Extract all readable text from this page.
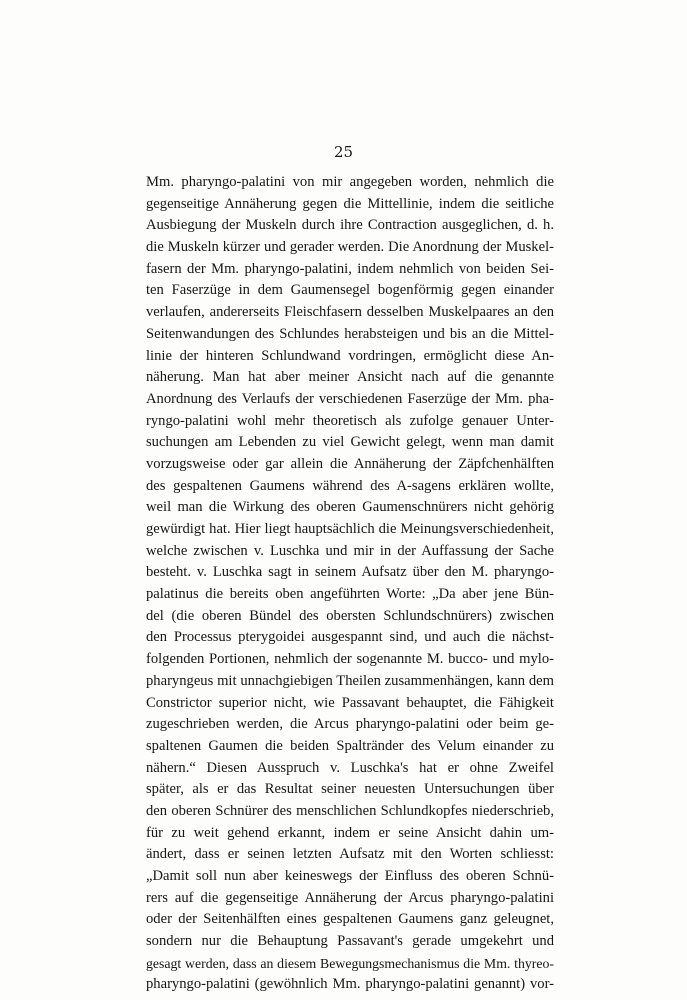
25
Mm. pharyngo-palatini von mir angegeben worden, nehmlich die
gegenseitige Annäherung gegen die Mittellinie, indem die seitliche
Ausbiegung der Muskeln durch ihre Contraction ausgeglichen, d. h.
die Muskeln kürzer und gerader werden. Die Anordnung der Muskel-
fasern der Mm. pharyngo-palatini, indem nehmlich von beiden Sei-
ten Faserzüge in dem Gaumensegel bogenförmig gegen einander
verlaufen, andererseits Fleischfasern desselben Muskelpaares an den
Seitenwandungen des Schlundes herabsteigen und bis an die Mittel-
linie der hinteren Schlundwand vordringen, ermöglicht diese An-
näherung. Man hat aber meiner Ansicht nach auf die genannte
Anordnung des Verlaufs der verschiedenen Faserzüge der Mm. pha-
ryngo-palatini wohl mehr theoretisch als zufolge genauer Unter-
suchungen am Lebenden zu viel Gewicht gelegt, wenn man damit
vorzugsweise oder gar allein die Annäherung der Zäpfchenhälften
des gespaltenen Gaumens während des A-sagens erklären wollte,
weil man die Wirkung des oberen Gaumenschnürers nicht gehörig
gewürdigt hat. Hier liegt hauptsächlich die Meinungsverschiedenheit,
welche zwischen v. Luschka und mir in der Auffassung der Sache
besteht. v. Luschka sagt in seinem Aufsatz über den M. pharyngo-
palatinus die bereits oben angeführten Worte: „Da aber jene Bün-
del (die oberen Bündel des obersten Schlundschnürers) zwischen
den Processus pterygoidei ausgespannt sind, und auch die nächst-
folgenden Portionen, nehmlich der sogenannte M. bucco- und mylo-
pharyngeus mit unnachgiebigen Theilen zusammenhängen, kann dem
Constrictor superior nicht, wie Passavant behauptet, die Fähigkeit
zugeschrieben werden, die Arcus pharyngo-palatini oder beim ge-
spaltenen Gaumen die beiden Spaltränder des Velum einander zu
nähern.“ Diesen Ausspruch v. Luschka's hat er ohne Zweifel
später, als er das Resultat seiner neuesten Untersuchungen über
den oberen Schnürer des menschlichen Schlundkopfes niederschrieb,
für zu weit gehend erkannt, indem er seine Ansicht dahin um-
ändert, dass er seinen letzten Aufsatz mit den Worten schliesst:
„Damit soll nun aber keineswegs der Einfluss des oberen Schnü-
rers auf die gegenseitige Annäherung der Arcus pharyngo-palatini
oder der Seitenhälften eines gespaltenen Gaumens ganz geleugnet,
sondern nur die Behauptung Passavant's gerade umgekehrt und
gesagt werden, dass an diesem Bewegungsmechanismus die Mm. thyreo-
pharyngo-palatini (gewöhnlich Mm. pharyngo-palatini genannt) vor-
